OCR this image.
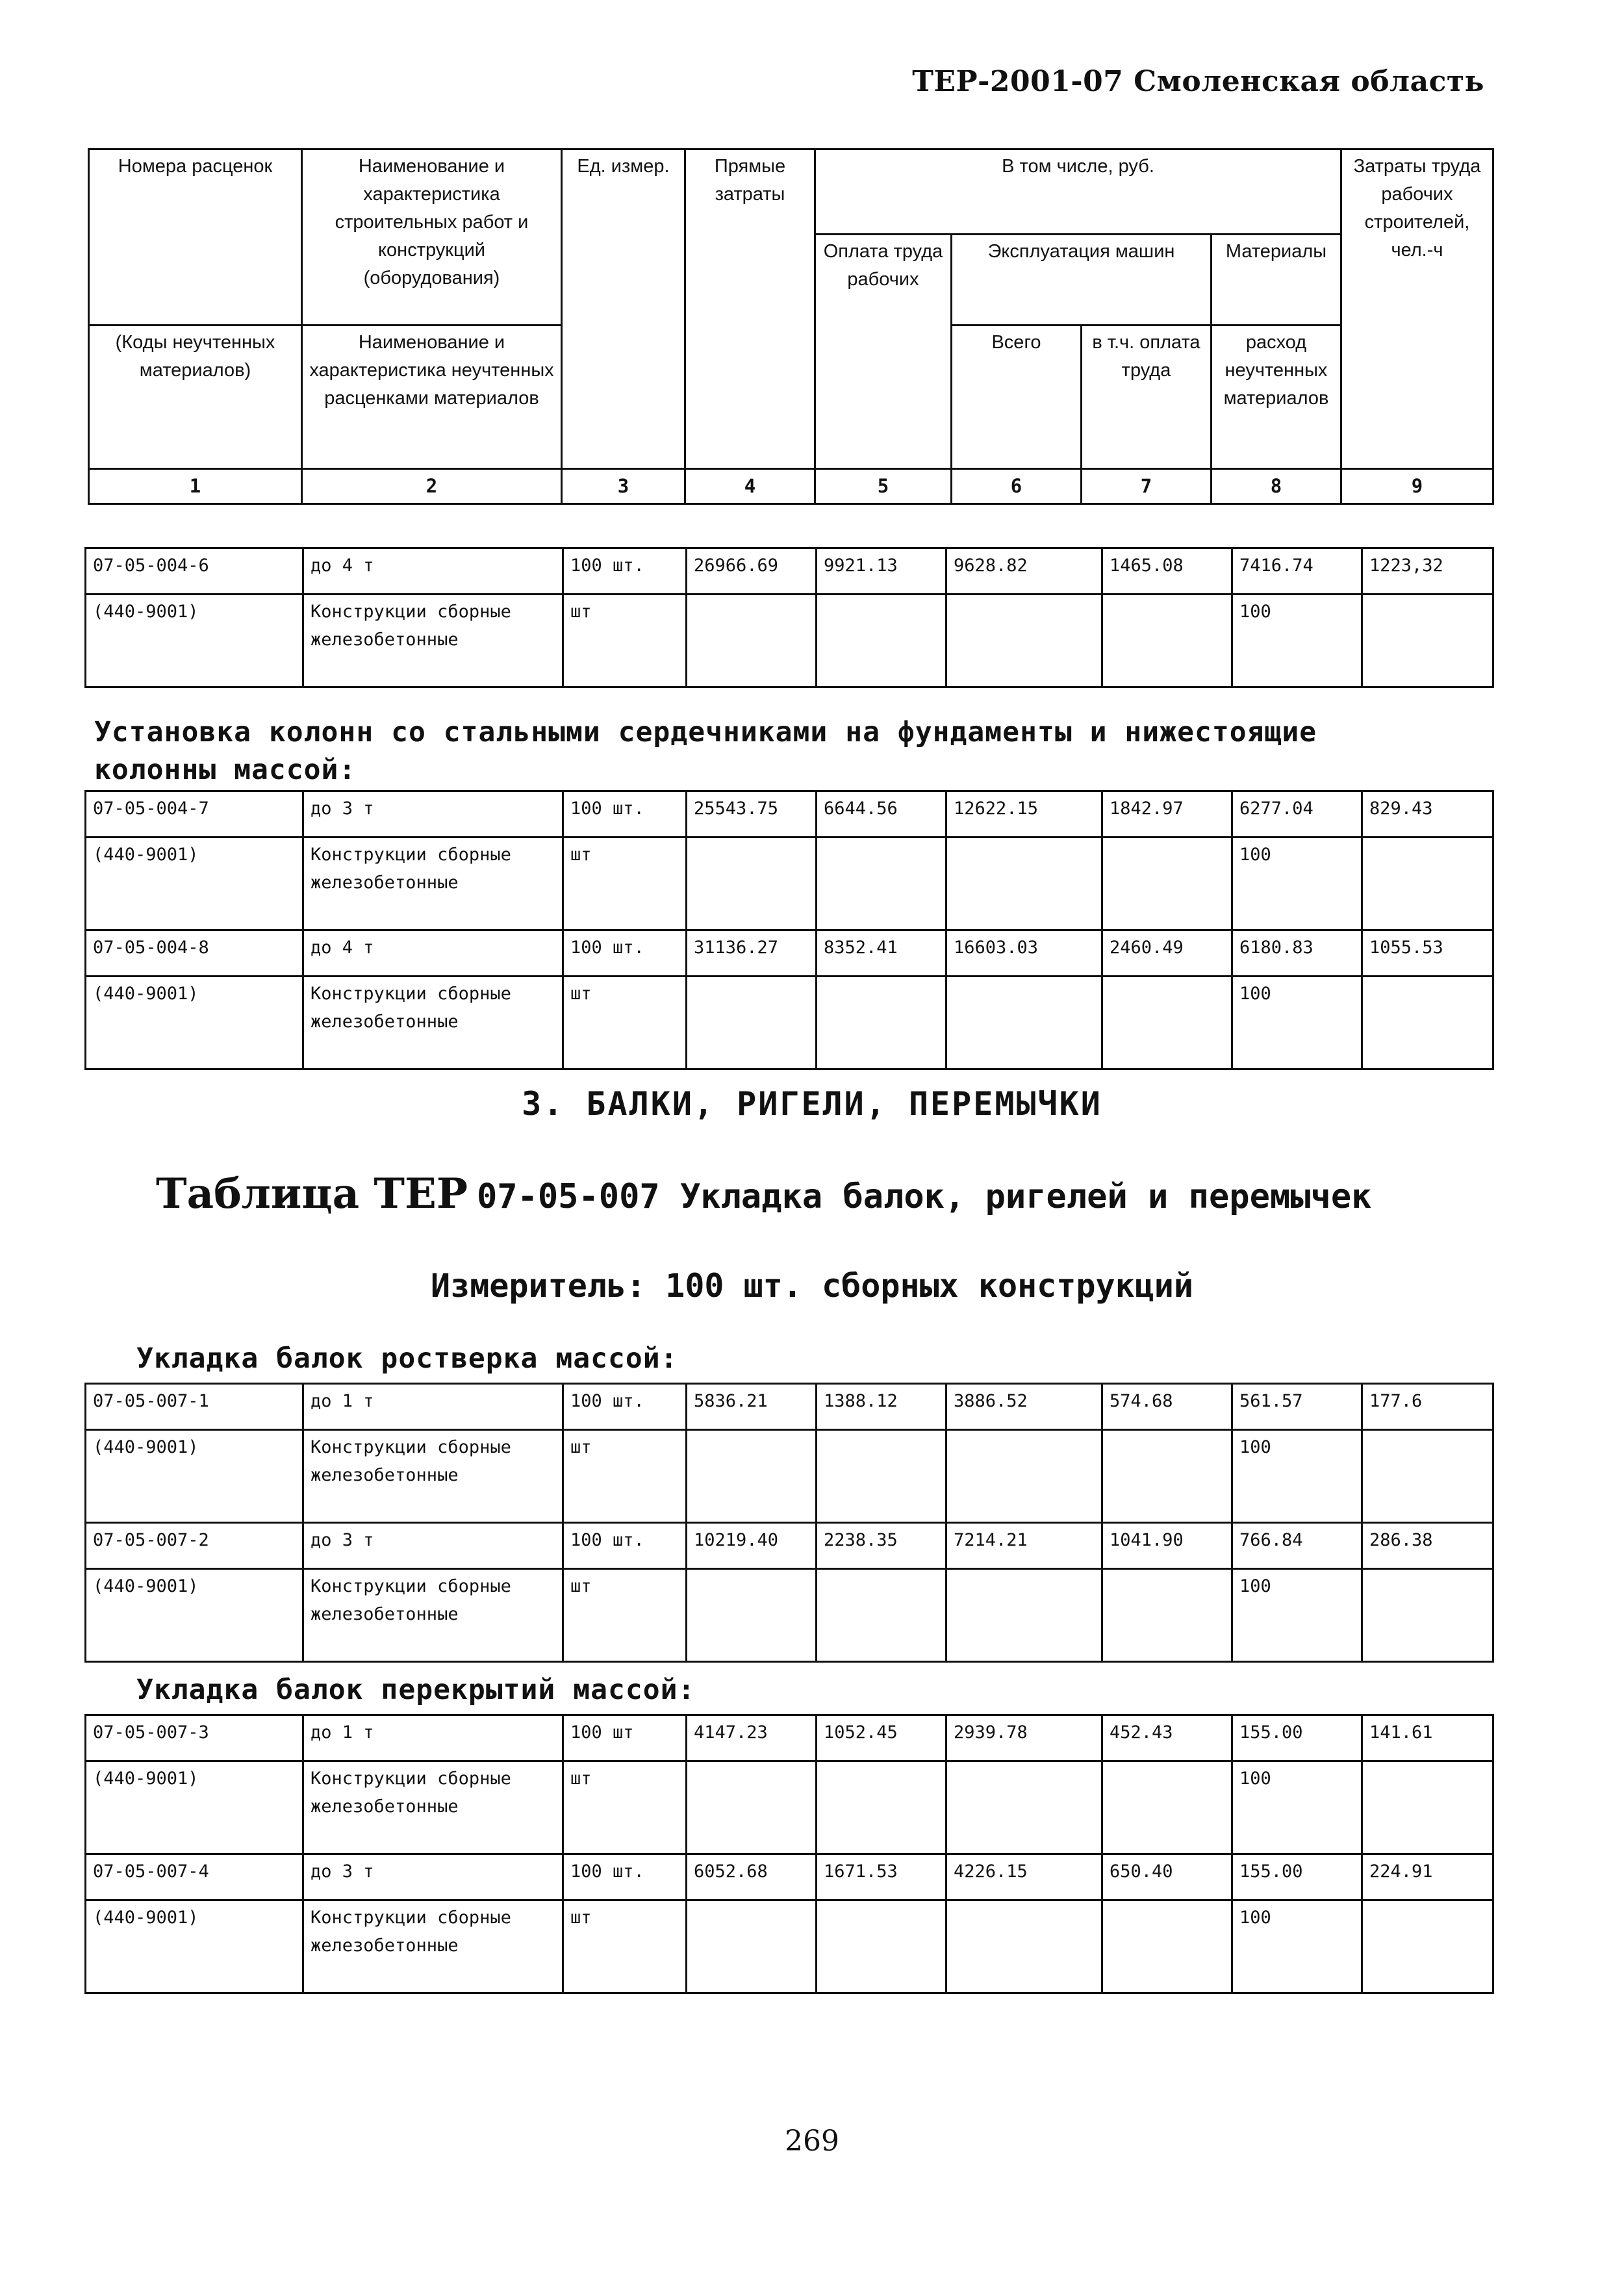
ТЕР-2001-07 Смоленская область
Номера расценок	Наименование и характеристика строительных работ и конструкций (оборудования)	Ед. измер.	Прямые затраты	В том числе, руб.				Затраты труда рабочих строителей, чел.-ч
				Оплата труда рабочих	Эксплуатация машин		Материалы	
(Коды неучтенных материалов)	Наименование и характеристика неучтенных расценками материалов				Всего	в т.ч. оплата труда	расход неучтенных материалов	

1	2	3	4	5	6	7	8	9
07-05-004-6	до 4 т	100 шт.	26966.69	9921.13	9628.82	1465.08	7416.74	1223,32
(440-9001)	Конструкции сборные железобетонные	шт					100	
Установка колонн со стальными сердечниками на фундаменты и нижестоящие колонны массой:
07-05-004-7	до 3 т	100 шт.	25543.75	6644.56	12622.15	1842.97	6277.04	829.43
(440-9001)	Конструкции сборные железобетонные	шт					100	
07-05-004-8	до 4 т	100 шт.	31136.27	8352.41	16603.03	2460.49	6180.83	1055.53
(440-9001)	Конструкции сборные железобетонные	шт					100	
3. БАЛКИ, РИГЕЛИ, ПЕРЕМЫЧКИ
Таблица ТЕР 07-05-007 Укладка балок, ригелей и перемычек
Измеритель: 100 шт. сборных конструкций
Укладка балок ростверка массой:
07-05-007-1	до 1 т	100 шт.	5836.21	1388.12	3886.52	574.68	561.57	177.6
(440-9001)	Конструкции сборные железобетонные	шт					100	
07-05-007-2	до 3 т	100 шт.	10219.40	2238.35	7214.21	1041.90	766.84	286.38
(440-9001)	Конструкции сборные железобетонные	шт					100	
Укладка балок перекрытий массой:
07-05-007-3	до 1 т	100 шт	4147.23	1052.45	2939.78	452.43	155.00	141.61
(440-9001)	Конструкции сборные железобетонные	шт					100	
07-05-007-4	до 3 т	100 шт.	6052.68	1671.53	4226.15	650.40	155.00	224.91
(440-9001)	Конструкции сборные железобетонные	шт					100	
269
